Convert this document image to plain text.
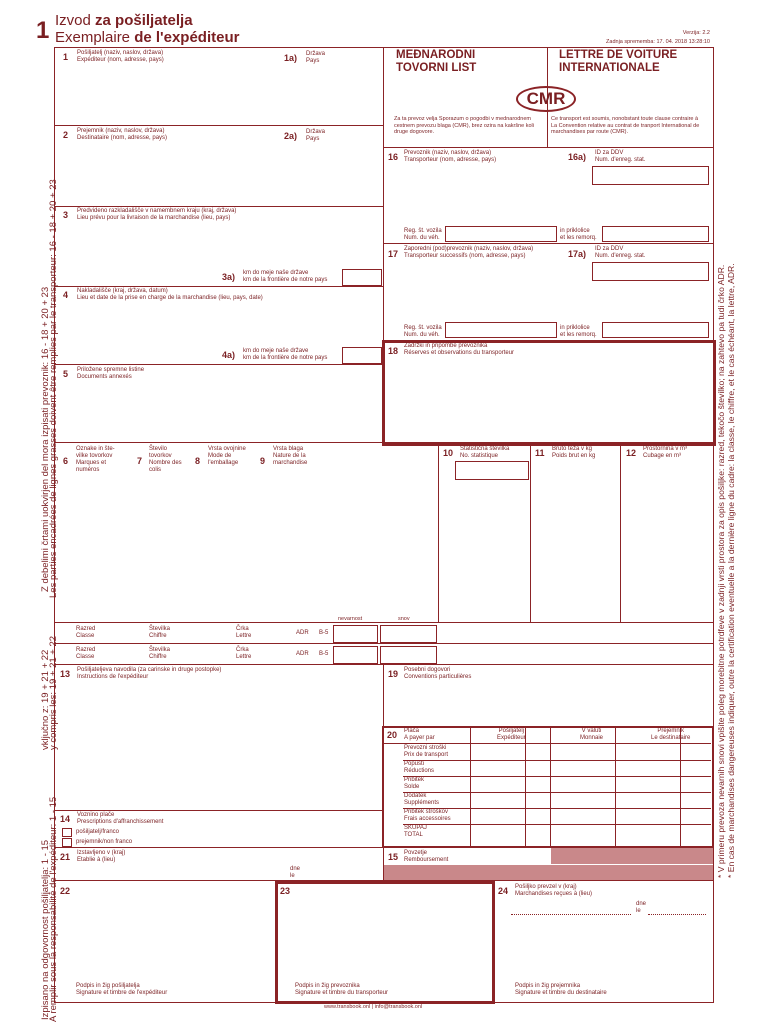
1 Izvod za pošiljatelja
Exemplaire de l'expéditeur	Verzija: 2.2
Zadnja sprememba: 17. 04. 2018 13:28:10
MEĐNARODNI
TOVORNI LIST
LETTRE DE VOITURE
INTERNATIONALE
CMR
Za ta prevoz velja Sporazum o pogodbi v mednarodnem cestnem prevozu blaga (CMR), brez ozira na kakršne koli druge dogovore.
Ce transport est soumis, nonobstant toute clause contraire à La Convention relative au contrat de tranport International de marchandises par route (CMR).
1 Pošiljatelj (naziv, naslov, država)
Expéditeur (nom, adresse, pays)	1a) Država
Pays
2 Prejemnik (naziv, naslov, država)
Destinataire (nom, adresse, pays)	2a) Država
Pays
3 Predvideno razkladališče v namembnem kraju (kraj, država)
Lieu prévu pour la livraison de la marchandise (lieu, pays)
3a) km do meje naše države
km de la frontière de notre pays
4 Nakladališče (kraj, država, datum)
Lieu et date de la prise en charge de la marchandise (lieu, pays, date)
4a) km do meje naše države
km de la frontière de notre pays
5 Priložene spremne listine
Documents annexés
16 Prevoznik (naziv, naslov, država)
Transporteur (nom, adresse, pays)	16a) ID za DDV
Num. d'enreg. stat.
Reg. št. vozila
Num. du véh.
in priklolice
et les remorq.
17 Zaporedni (pod)prevoznik (naziv, naslov, država)
Transporteur successifs (nom, adresse, pays)	17a) ID za DDV
Num. d'enreg. stat.
Reg. št. vozila
Num. du véh.
in priklolice
et les remorq.
18 Zadržki in pripombe prevoznika
Réserves et observations du transporteur
6
Oznake in šte- vilke tovorkov
Marques et numéros
7
Število tovorkov
Nombre des colis
8
Vrsta ovojnine
Mode de l'emballage	9
Vrsta blaga
Nature de la marchandise
10 Statistična številka
No. statistique	11 Bruto teža v kg
Poids brut en kg	12 Prostornina v m³
Cubage en m³
nevarnost	snov
Razred
Classe
Številka
Chiffre
Črka
Lettre	ADR B-5
Razred
Classe
Številka
Chiffre
Črka
Lettre	ADR B-5
13 Pošiljateljeva navodila (za carinske in druge postopke)
Instructions de l'expéditeur	19 Posebni dogovori
Conventions particulières
20 Plača
A payer par
Pošiljatelj
Expéditeur
V valuti
Monnaie
Prejemnik
Le destinataire
Prevozni stroški
Prix de transport
Popusti
Réductions
Pribitek
Solde
Dodatek
Suppléments
Pribitek stroškov
Frais accessoires
SKUPAJ
TOTAL
14 Voznino plače
Prescriptions d'affranchissement
pošiljatelj/franco
prejemnik/non franco
21 Izstavljeno v (kraj)
Etablie à (lieu)
dne
le
15 Povzetje
Remboursement
22
Podpis in žig pošiljatelja
Signature et timbre de l'expéditeur
23
Podpis in žig prevoznika
Signature et timbre du transporteur
24 Pošiljko prevzel v (kraj)
Marchandises reçues à (lieu)
dne
le
Podpis in žig prejemnika
Signature et timbre du destinataire
www.transbook.onl | info@transbook.onl
Z debelimi črtami uokvirjen del mora izpisati prevoznik: 16 - 18 + 20 + 23
Les parties encadrées de lignes grasses doivent être remplies par le transporteur: 16 - 18 + 20 + 23
vključno z: 19 + 21 + 22
y compris les: 19 + 21 + 22
Izpisano na odgovornost pošiljatelja: 1 - 15
A remplir sous la responsabilité de l'expéditeur: 1 - 15
* V primeru prevoza nevarnih snovi vpišite poleg morebitne potrdfeve v zadnji vrsti prostora za opis pošiljke: razred, tekočo številko; na zahtevo pa tudi črko ADR. * En cas de marchandises dangereuses indiquer, outre la certification eventuelle a la dernière ligne du cadre: la classe, le chiffre, et le cas échéant, la lettre, ADR.
